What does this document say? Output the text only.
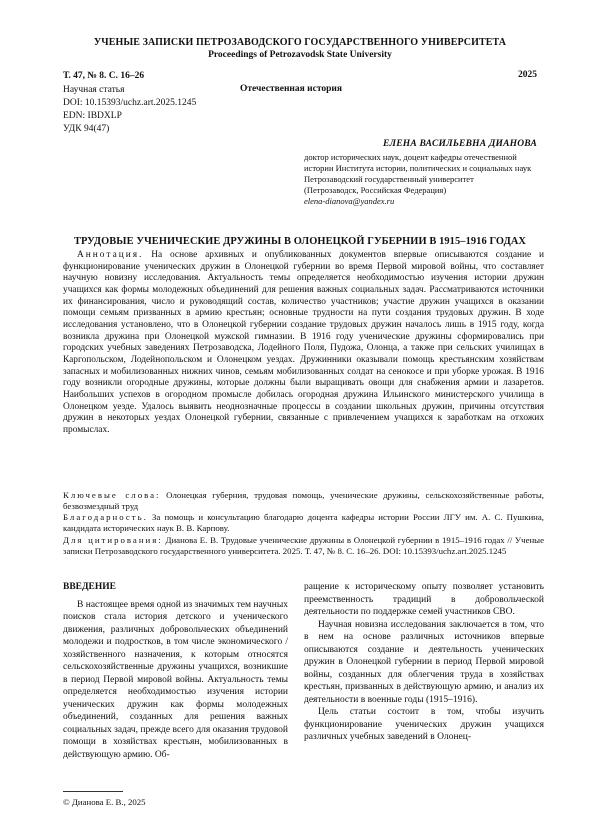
УЧЕНЫЕ ЗАПИСКИ ПЕТРОЗАВОДСКОГО ГОСУДАРСТВЕННОГО УНИВЕРСИТЕТА
Proceedings of Petrozavodsk State University
Т. 47, № 8. С. 16–26	2025
Научная статья	Отечественная история
DOI: 10.15393/uchz.art.2025.1245
EDN: IBDXLP
УДК 94(47)
ЕЛЕНА ВАСИЛЬЕВНА ДИАНОВА
доктор исторических наук, доцент кафедры отечественной истории Института истории, политических и социальных наук
Петрозаводский государственный университет
(Петрозаводск, Российская Федерация)
elena-dianova@yandex.ru
ТРУДОВЫЕ УЧЕНИЧЕСКИЕ ДРУЖИНЫ В ОЛОНЕЦКОЙ ГУБЕРНИИ В 1915–1916 ГОДАХ

Аннотация. На основе архивных и опубликованных документов впервые описываются создание и функционирование ученических дружин в Олонецкой губернии во время Первой мировой войны, что составляет научную новизну исследования. Актуальность темы определяется необходимостью изучения истории дружин учащихся как формы молодежных объединений для решения важных социальных задач. Рассматриваются источники их финансирования, число и руководящий состав, количество участников; участие дружин учащихся в оказании помощи семьям призванных в армию крестьян; основные трудности на пути создания трудовых дружин. В ходе исследования установлено, что в Олонецкой губернии создание трудовых дружин началось лишь в 1915 году, когда возникла дружина при Олонецкой мужской гимназии. В 1916 году ученические дружины сформировались при городских учебных заведениях Петрозаводска, Лодейного Поля, Пудожа, Олонца, а также при сельских училищах в Каргопольском, Лодейнопольском и Олонецком уездах. Дружинники оказывали помощь крестьянским хозяйствам запасных и мобилизованных нижних чинов, семьям мобилизованных солдат на сенокосе и при уборке урожая. В 1916 году возникли огородные дружины, которые должны были выращивать овощи для снабжения армии и лазаретов. Наибольших успехов в огородном промысле добилась огородная дружина Ильинского министерского училища в Олонецком уезде. Удалось выявить неоднозначные процессы в создании школьных дружин, причины отсутствия дружин в некоторых уездах Олонецкой губернии, связанные с привлечением учащихся к заработкам на отхожих промыслах.

Ключевые слова: Олонецкая губерния, трудовая помощь, ученические дружины, сельскохозяйственные работы, безвозмездный труд

Благодарность. За помощь и консультацию благодарю доцента кафедры истории России ЛГУ им. А. С. Пушкина, кандидата исторических наук В. В. Карпову.

Для цитирования: Дианова Е. В. Трудовые ученические дружины в Олонецкой губернии в 1915–1916 годах // Ученые записки Петрозаводского государственного университета. 2025. Т. 47, № 8. С. 16–26. DOI: 10.15393/uchz.art.2025.1245

ВВЕДЕНИЕ

В настоящее время одной из значимых тем научных поисков стала история детского и ученического движения, различных добровольческих объединений молодежи и подростков, в том числе экономического / хозяйственного назначения, к которым относятся сельскохозяйственные дружины учащихся, возникшие в период Первой мировой войны. Актуальность темы определяется необходимостью изучения истории ученических дружин как формы молодежных объединений, созданных для решения важных социальных задач, прежде всего для оказания трудовой помощи в хозяйствах крестьян, мобилизованных в действующую армию. Об-

ращение к историческому опыту позволяет установить преемственность традиций в добровольческой деятельности по поддержке семей участников СВО.

Научная новизна исследования заключается в том, что в нем на основе различных источников впервые описываются создание и деятельность ученических дружин в Олонецкой губернии в период Первой мировой войны, созданных для облегчения труда в хозяйствах крестьян, призванных в действующую армию, и анализ их деятельности в военные годы (1915–1916).

Цель статьи состоит в том, чтобы изучить функционирование ученических дружин учащихся различных учебных заведений в Олонец-

© Дианова Е. В., 2025
